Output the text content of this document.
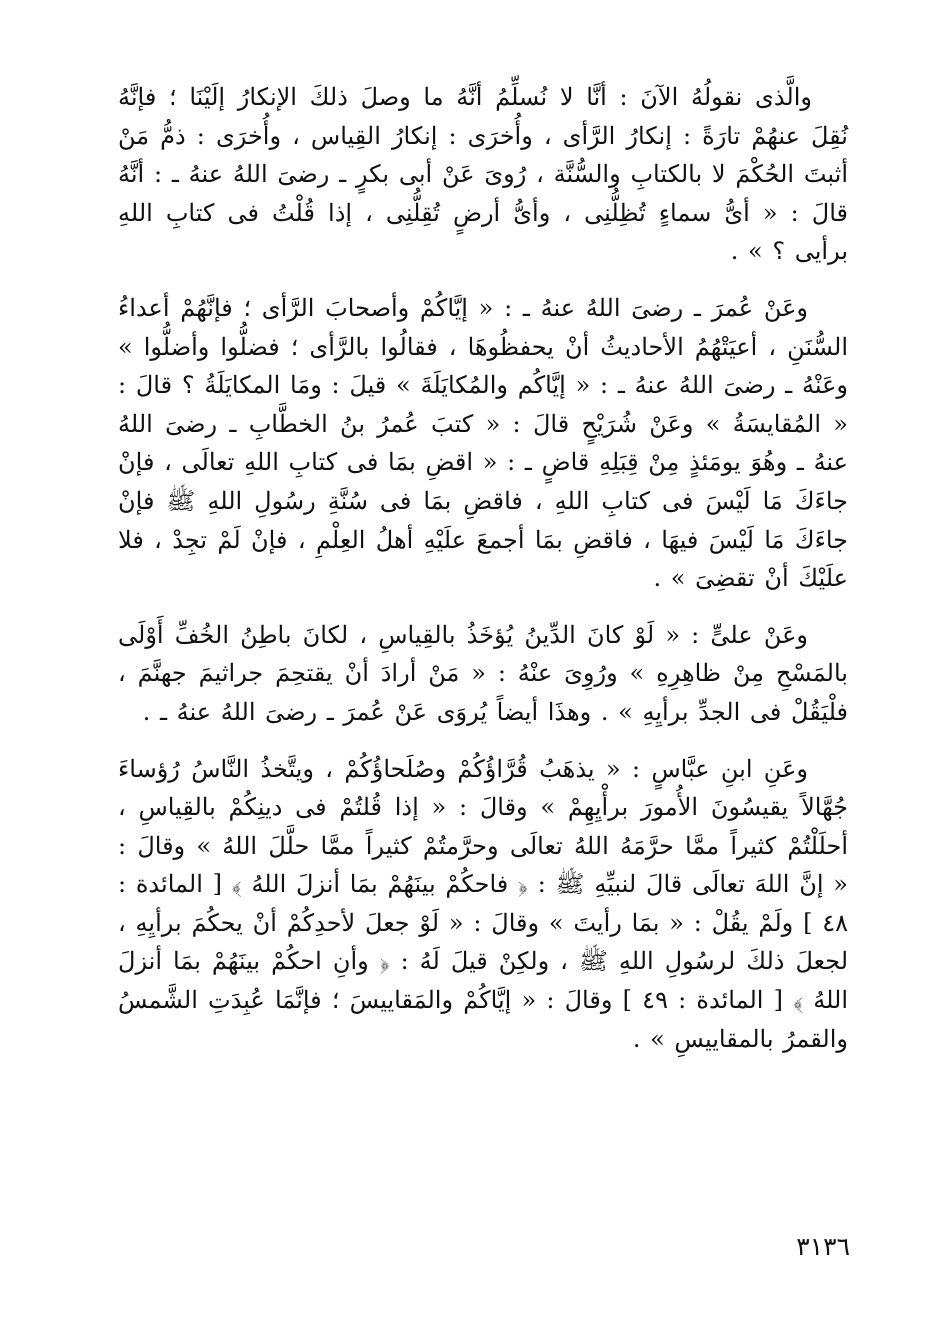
والَّذى نقولُهُ الآنَ : أنَّا لا نُسلِّمُ أنَّهُ ما وصلَ ذلكَ الإنكارُ إلَيْنَا ؛ فإنَّهُ نُقِلَ عنهُمْ تارَةً : إنكارُ الرَّأى ، وأُخرَى : إنكارُ القِياس ، وأُخرَى : ذمُّ مَنْ أثبتَ الحُكْمَ لا بالكتابِ والسُّنَّة ، رُوىَ عَنْ أبى بكرٍ ـ رضىَ اللهُ عنهُ ـ : أنَّهُ قالَ : « أىُّ سماءٍ تُظِلُّنِى ، وأىُّ أرضٍ تُقِلُّنِى ، إذا قُلْتُ فى كتابِ اللهِ برأيى ؟ » .

وعَنْ عُمرَ ـ رضىَ اللهُ عنهُ ـ : « إيَّاكُمْ وأصحابَ الرَّأى ؛ فإنَّهُمْ أعداءُ السُّنَنِ ، أعيَتْهُمُ الأحاديثُ أنْ يحفظُوهَا ، فقالُوا بالرَّأى ؛ فضلُّوا وأضلُّوا » وعَنْهُ ـ رضىَ اللهُ عنهُ ـ : « إيَّاكُم والمُكايَلَةَ » قيلَ : ومَا المكايَلَةُ ؟ قالَ : « المُقايسَةُ » وعَنْ شُرَيْحٍ قالَ : « كتبَ عُمرُ بنُ الخطَّابِ ـ رضىَ اللهُ عنهُ ـ وهُوَ يومَئذٍ مِنْ قِبَلِهِ قاضٍ ـ : « اقضِ بمَا فى كتابِ اللهِ تعالَى ، فإنْ جاءَكَ مَا لَيْسَ فى كتابِ اللهِ ، فاقضِ بمَا فى سُنَّةِ رسُولِ اللهِ ﷺ فإنْ جاءَكَ مَا لَيْسَ فيهَا ، فاقضِ بمَا أجمعَ علَيْهِ أهلُ العِلْمِ ، فإنْ لَمْ تجِدْ ، فلا علَيْكَ أنْ تقضِىَ » .

وعَنْ علىٍّ : « لَوْ كانَ الدِّينُ يُؤخَذُ بالقِياسِ ، لكانَ باطِنُ الخُفِّ أَوْلَى بالمَسْحِ مِنْ ظاهِرِهِ » ورُوِىَ عنْهُ : « مَنْ أرادَ أنْ يقتحِمَ جراثيمَ جهنَّمَ ، فلْيَقُلْ فى الجدِّ برأيِهِ » . وهذَا أيضاً يُروَى عَنْ عُمرَ ـ رضىَ اللهُ عنهُ ـ .

وعَنِ ابنِ عبَّاسٍ : « يذهَبُ قُرَّاؤُكُمْ وصُلَحاؤُكُمْ ، ويتَّخذُ النَّاسُ رُؤساءَ جُهَّالاً يقيسُونَ الأُمورَ برأْيِهِمْ » وقالَ : « إذا قُلتُمْ فى دينِكُمْ بالقِياسِ ، أحلَلْتُمْ كثيراً ممَّا حرَّمَهُ اللهُ تعالَى وحرَّمتُمْ كثيراً ممَّا حلَّلَ اللهُ » وقالَ : « إنَّ اللهَ تعالَى قالَ لنبيِّهِ ﷺ : ﴿ فاحكُمْ بينَهُمْ بمَا أنزلَ اللهُ ﴾ [ المائدة : ٤٨ ] ولَمْ يقُلْ : « بمَا رأيتَ » وقالَ : « لَوْ جعلَ لأحدِكُمْ أنْ يحكُمَ برأيِهِ ، لجعلَ ذلكَ لرسُولِ اللهِ ﷺ ، ولكِنْ قيلَ لَهُ : ﴿ وأنِ احكُمْ بينَهُمْ بمَا أنزلَ اللهُ ﴾ [ المائدة : ٤٩ ] وقالَ : « إيَّاكُمْ والمَقاييسَ ؛ فإنَّمَا عُبِدَتِ الشَّمسُ والقمرُ بالمقاييسِ » .

٣١٣٦
